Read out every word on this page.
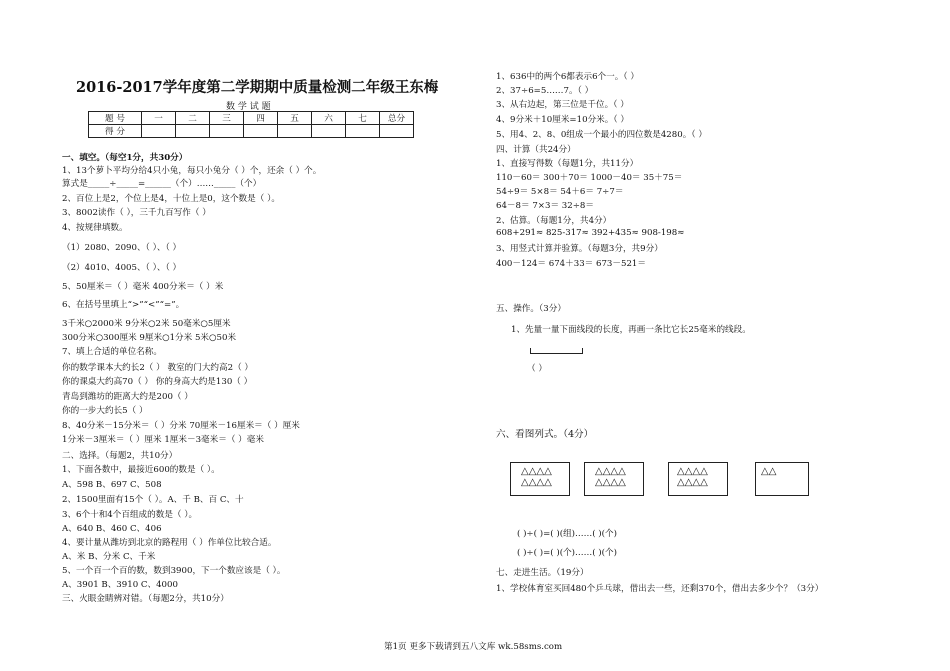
2016-2017学年度第二学期期中质量检测二年级王东梅
数 学 试 题
题 号	一	二	三	四	五	六	七	总分
得 分								
一、填空。（每空1分，共30分）
1、13个萝卜平均分给4只小兔，每只小兔分（ ）个，还余（ ）个。
算式是_____÷_____=______（个）……_____（个）
2、百位上是2，个位上是4，十位上是0，这个数是（ ）。
3、8002读作（ ），三千九百写作（ ）
4、按规律填数。
（1）2080、2090、（ ）、（ ）
（2）4010、4005、（ ）、（ ）
5、50厘米＝（ ）毫米 400分米＝（ ）米
6、在括号里填上“>”“<”“=”。
3千米○2000米 9分米○2米 50毫米○5厘米
300分米○300厘米 9厘米○1分米 5米○50米
7、填上合适的单位名称。
你的数学课本大约长2（ ） 教室的门大约高2（ ）
你的课桌大约高70（ ） 你的身高大约是130（ ）
青岛到潍坊的距离大约是200（ ）
你的一步大约长5（ ）
8、40分米－15分米＝（ ）分米 70厘米－16厘米＝（ ）厘米
1分米－3厘米＝（ ）厘米 1厘米－3毫米＝（ ）毫米
二、选择。（每题2，共10分）
1、下面各数中，最接近600的数是（ ）。
A、598 B、697 C、508
2、1500里面有15个（ ）。A、千 B、百 C、十
3、6个十和4个百组成的数是（ ）。
A、640 B、460 C、406
4、要计量从潍坊到北京的路程用（ ）作单位比较合适。
A、米 B、分米 C、千米
5、一个百一个百的数，数到3900，下一个数应该是（ ）。
A、3901 B、3910 C、4000
三、火眼金睛辨对错。（每题2分，共10分）
1、636中的两个6都表示6个一。（ ）
2、37÷6=5……7。（ ）
3、从右边起，第三位是千位。（ ）
4、9分米＋10厘米=10分米。（ ）
5、用4、2、8、0组成一个最小的四位数是4280。（ ）
四、计算（共24分）
1、直接写得数（每题1分，共11分）
110－60＝ 300＋70＝ 1000－40＝ 35＋75＝
54÷9＝ 5×8＝ 54＋6＝ 7÷7＝
64－8＝ 7×3＝ 32÷8＝
2、估算。（每题1分，共4分）
608+291≈ 825-317≈ 392+435≈ 908-198≈
3、用竖式计算并验算。（每题3分，共9分）
400－124＝ 674＋33＝ 673－521＝
五、操作。（3分）
1、先量一量下面线段的长度，再画一条比它长25毫米的线段。
（ ）
六、看图列式。（4分）
△△△△
△△△△
△△△△
△△△△
△△△△
△△△△
△△
( )÷( )=( )(组)……( )(个)
( )÷( )=( )(个)……( )(个)
七、走进生活。（19分）
1、学校体育室买回480个乒乓球，借出去一些，还剩370个，借出去多少个？（3分）
第1页 更多下载请到五八文库 wk.58sms.com
